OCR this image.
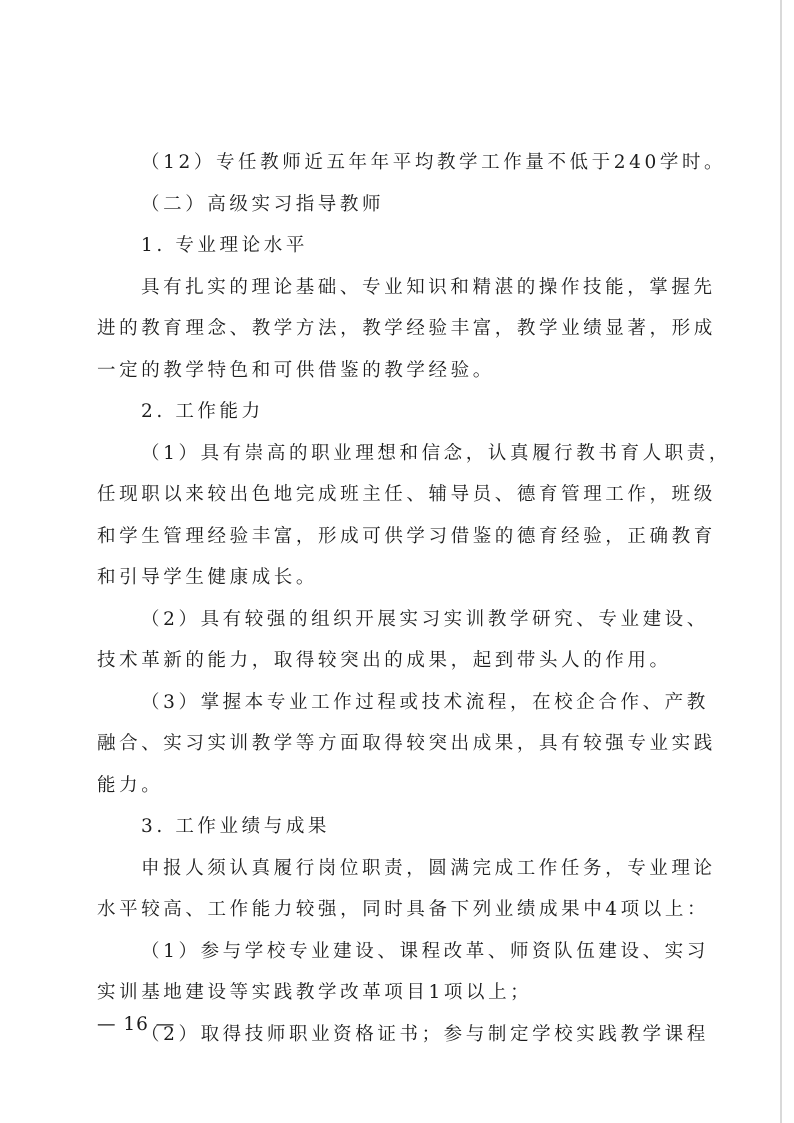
（12）专任教师近五年年平均教学工作量不低于240学时。

（二）高级实习指导教师

1. 专业理论水平

具有扎实的理论基础、专业知识和精湛的操作技能，掌握先

进的教育理念、教学方法，教学经验丰富，教学业绩显著，形成

一定的教学特色和可供借鉴的教学经验。

2. 工作能力

（1）具有崇高的职业理想和信念，认真履行教书育人职责，

任现职以来较出色地完成班主任、辅导员、德育管理工作，班级

和学生管理经验丰富，形成可供学习借鉴的德育经验，正确教育

和引导学生健康成长。

（2）具有较强的组织开展实习实训教学研究、专业建设、

技术革新的能力，取得较突出的成果，起到带头人的作用。

（3）掌握本专业工作过程或技术流程，在校企合作、产教

融合、实习实训教学等方面取得较突出成果，具有较强专业实践

能力。

3. 工作业绩与成果

申报人须认真履行岗位职责，圆满完成工作任务，专业理论

水平较高、工作能力较强，同时具备下列业绩成果中4项以上：

（1）参与学校专业建设、课程改革、师资队伍建设、实习

实训基地建设等实践教学改革项目1项以上；

（2）取得技师职业资格证书；参与制定学校实践教学课程

— 16 —
